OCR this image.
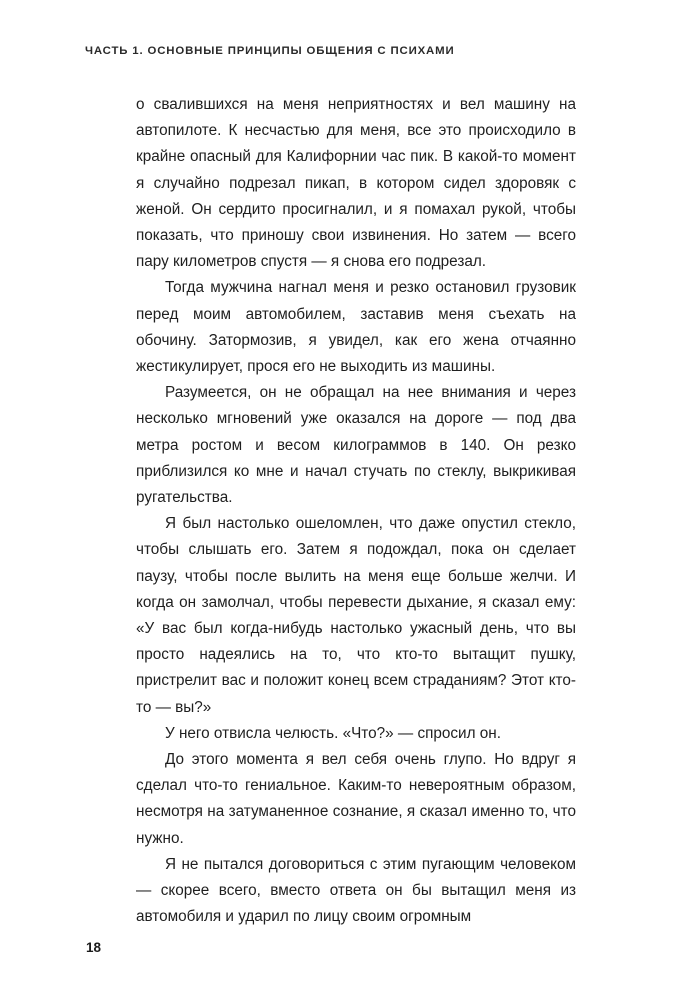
ЧАСТЬ 1. ОСНОВНЫЕ ПРИНЦИПЫ ОБЩЕНИЯ С ПСИХАМИ

о свалившихся на меня неприятностях и вел машину на автопилоте. К несчастью для меня, все это происходило в крайне опасный для Калифорнии час пик. В какой-то момент я случайно подрезал пикап, в котором сидел здоровяк с женой. Он сердито просигналил, и я помахал рукой, чтобы показать, что приношу свои извинения. Но затем — всего пару километров спустя — я снова его подрезал.

Тогда мужчина нагнал меня и резко остановил грузовик перед моим автомобилем, заставив меня съехать на обочину. Затормозив, я увидел, как его жена отчаянно жестикулирует, прося его не выходить из машины.

Разумеется, он не обращал на нее внимания и через несколько мгновений уже оказался на дороге — под два метра ростом и весом килограммов в 140. Он резко приблизился ко мне и начал стучать по стеклу, выкрикивая ругательства.

Я был настолько ошеломлен, что даже опустил стекло, чтобы слышать его. Затем я подождал, пока он сделает паузу, чтобы после вылить на меня еще больше желчи. И когда он замолчал, чтобы перевести дыхание, я сказал ему: «У вас был когда-нибудь настолько ужасный день, что вы просто надеялись на то, что кто-то вытащит пушку, пристрелит вас и положит конец всем страданиям? Этот кто-то — вы?»

У него отвисла челюсть. «Что?» — спросил он.

До этого момента я вел себя очень глупо. Но вдруг я сделал что-то гениальное. Каким-то невероятным образом, несмотря на затуманенное сознание, я сказал именно то, что нужно.

Я не пытался договориться с этим пугающим человеком — скорее всего, вместо ответа он бы вытащил меня из автомобиля и ударил по лицу своим огромным

18
